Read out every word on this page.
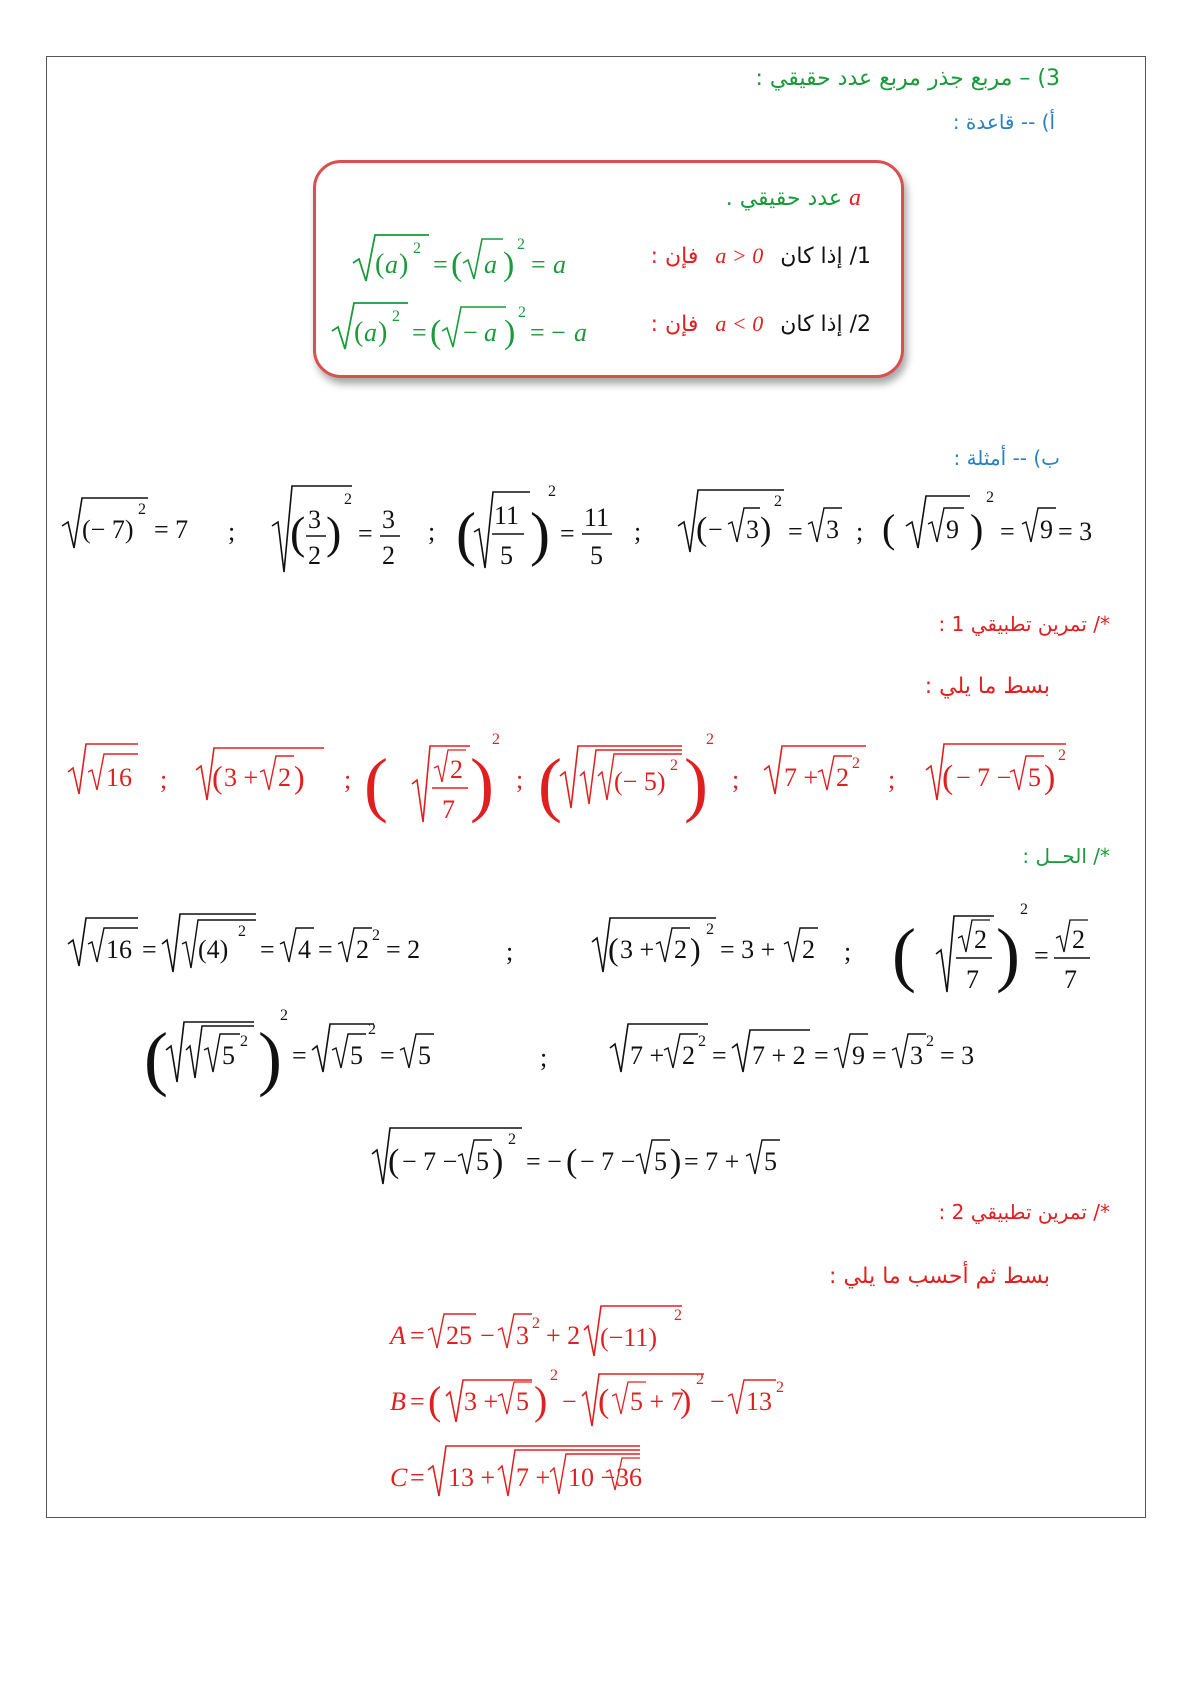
3) – مربع جذر مربع عدد حقيقي :
أ) -- قاعدة :
a عدد حقيقي .
1/ إذا كان a > 0 فإن :
( a )
2
= ( a )
2
= a
2/ إذا كان a < 0 فإن :
( a )
2
= ( − a )
2
= − a
ب) -- أمثلة :
(− 7)
2
= 7 ; ( 3
2 )
2
= 3
2
; ( 11
5 )
2
=
11
5
; ( − 3 )
2
= 3 ; ( 9 )
2
= 9 = 3
*/ تمرين تطبيقي 1 :
بسط ما يلي :
16 ; ( 3 + 2 ) ; ( 2
7 )
2
; ( (− 5)
2 )
2
; 7 + 2 2
; ( − 7 − 5 )
2
*/ الحــل :
16 = (4)
2
= 4 = 2 2 = 2	;	( 3 + 2 )
2
= 3 + 2 ; ( 2
7 )
2
=
2
7
( 5 2 )
2
= 5
2
= 5	;	7 + 2 2 = 7 + 2 = 9 = 3 2 = 3
( − 7 − 5 )
2
= − ( − 7 − 5 ) = 7 + 5
*/ تمرين تطبيقي 2 :
بسط ثم أحسب ما يلي :
A = 25 − 3 2 + 2 (−11)
2
B = ( 3 + 5 )
2
− ( 5 + 7
)
2
− 13 2
C = 13 + 7 + 10 − 36
